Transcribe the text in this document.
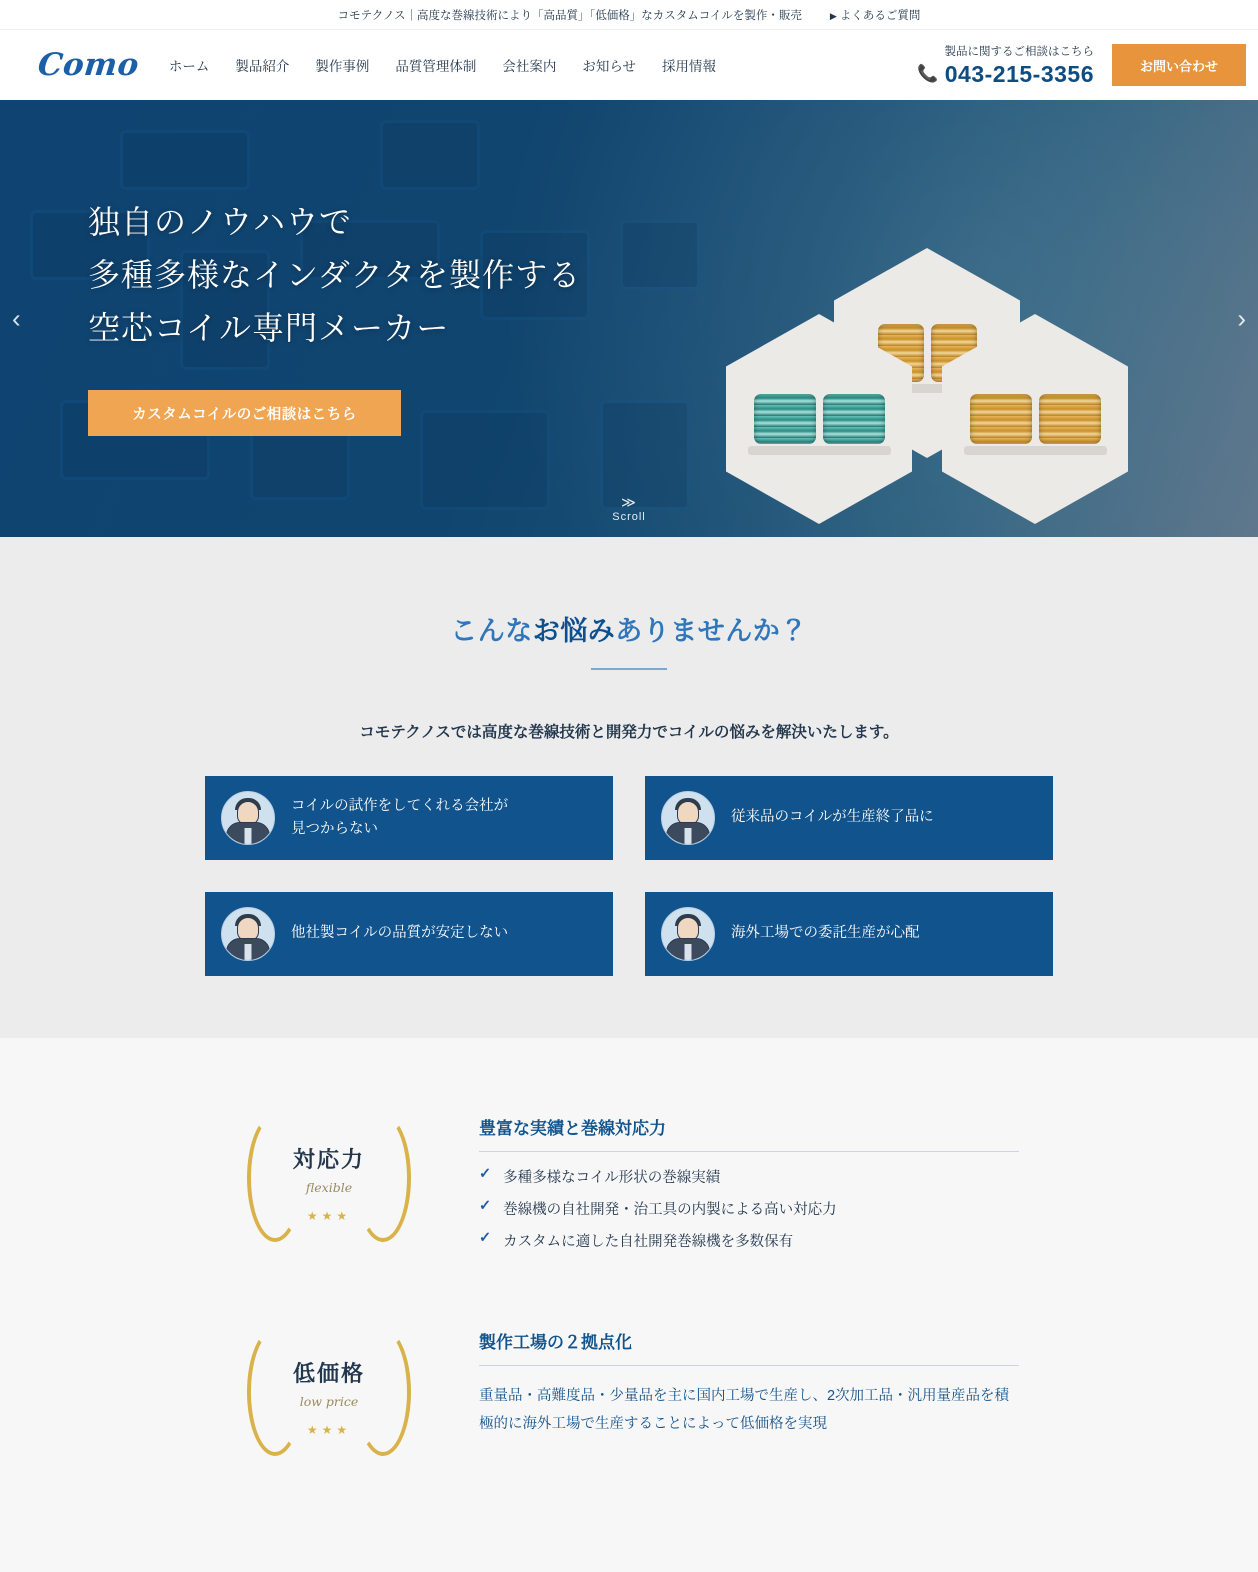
コモテクノス｜高度な巻線技術により「高品質」「低価格」なカスタムコイルを製作・販売	▶ よくあるご質問
Como ホーム 製品紹介 製作事例 品質管理体制 会社案内 お知らせ 採用情報
製品に関するご相談はこちら
📞 043-215-3356	お問い合わせ
独自のノウハウで
多種多様なインダクタを製作する
空芯コイル専門メーカー
カスタムコイルのご相談はこちら
‹	›
≫
Scroll
こんなお悩みありませんか？
コモテクノスでは高度な巻線技術と開発力でコイルの悩みを解決いたします。
コイルの試作をしてくれる会社が
見つからない
従来品のコイルが生産終了品に
他社製コイルの品質が安定しない	海外工場での委託生産が心配
対応力
flexible
★★★
豊富な実績と巻線対応力
✓ 多種多様なコイル形状の巻線実績
✓ 巻線機の自社開発・治工具の内製による高い対応力
✓ カスタムに適した自社開発巻線機を多数保有
低価格
low price
★★★
製作工場の２拠点化

重量品・高難度品・少量品を主に国内工場で生産し、2次加工品・汎用量産品を積極的に海外工場で生産することによって低価格を実現
